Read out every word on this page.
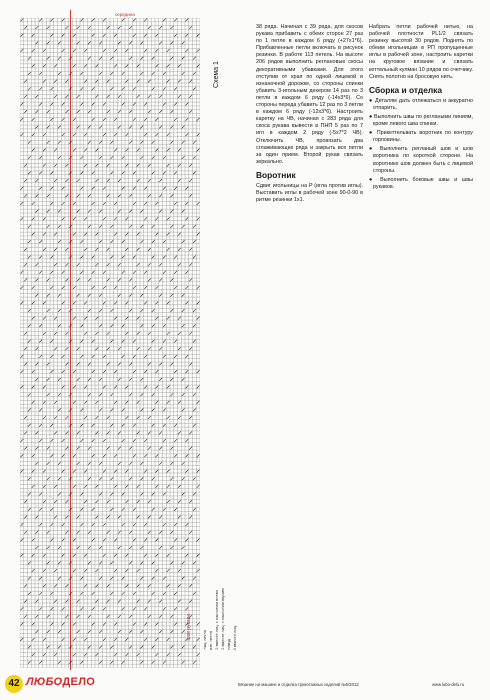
середина
Схема 1
лиц. петля изн. петля 2 вместе лиц. с наклоном влево 2 вместе лиц. с наклоном вправо накид 3 вместе лиц.
шов рукава

38 ряда. Начиная с 39 ряда, для скосов рукава прибавить с обеих сторон 27 раз по 1 петле в каждом 6 ряду (+27х1*6). Прибавленные петли включать в рисунок резинки. В работе 113 петель. На высоте 206 рядов выполнить реглановые скосы декоративными убавками. Для этого отступив от края по одной лицевой и изнаночной дорожке, со стороны спинки убавить 3-игольным декером 14 раз по 3 петли в каждом 6 ряду (-14х3*6). Со стороны переда убавить 12 раз по 3 петли в каждом 6 ряду (-12х3*6). Настроить каретку на ЧВ, начиная с 283 ряда для скоса рукава вывести в ПНП 5 раз по 7 игл в каждом 2 ряду (-5х7*2 ЧВ). Отключить ЧВ, провязать два сглаживающих ряда и закрыть все петли за один прием. Второй рукав связать зеркально.

Воротник

Сдвиг игольницы на P (игла против иглы). Выставить иглы в рабочей зоне 90-0-90 в ритме резинки 1х1.

Набрать петли рабочей нитью, на рабочей плотности PL1/2 связать резинку высотой 30 рядов. Поднять по обеим игольницам в РП пропущенные иглы в рабочей зоне, настроить каретки на круговое вязание и связать кеттельный кулман 10 рядов по счетчику. Снять полотно на бросовую нить.

Сборка и отделка

● Деталям дать отлежаться и аккуратно отпарить.

● Выполнить швы по реглаными линиям, кроме левого шва спинки.

● Прикеттельвать воротник по контуру горловины.

● Выполнить регланый шов и шов воротника по короткой стороне. На воротнике шов должен быть с лицевой стороны.

● Выполнить боковые швы и швы рукавов.

42 ЛЮБОДЕЛО	Вязание на машине и отделка трикотажных изделий №5/2013	www.lubo-delo.ru
